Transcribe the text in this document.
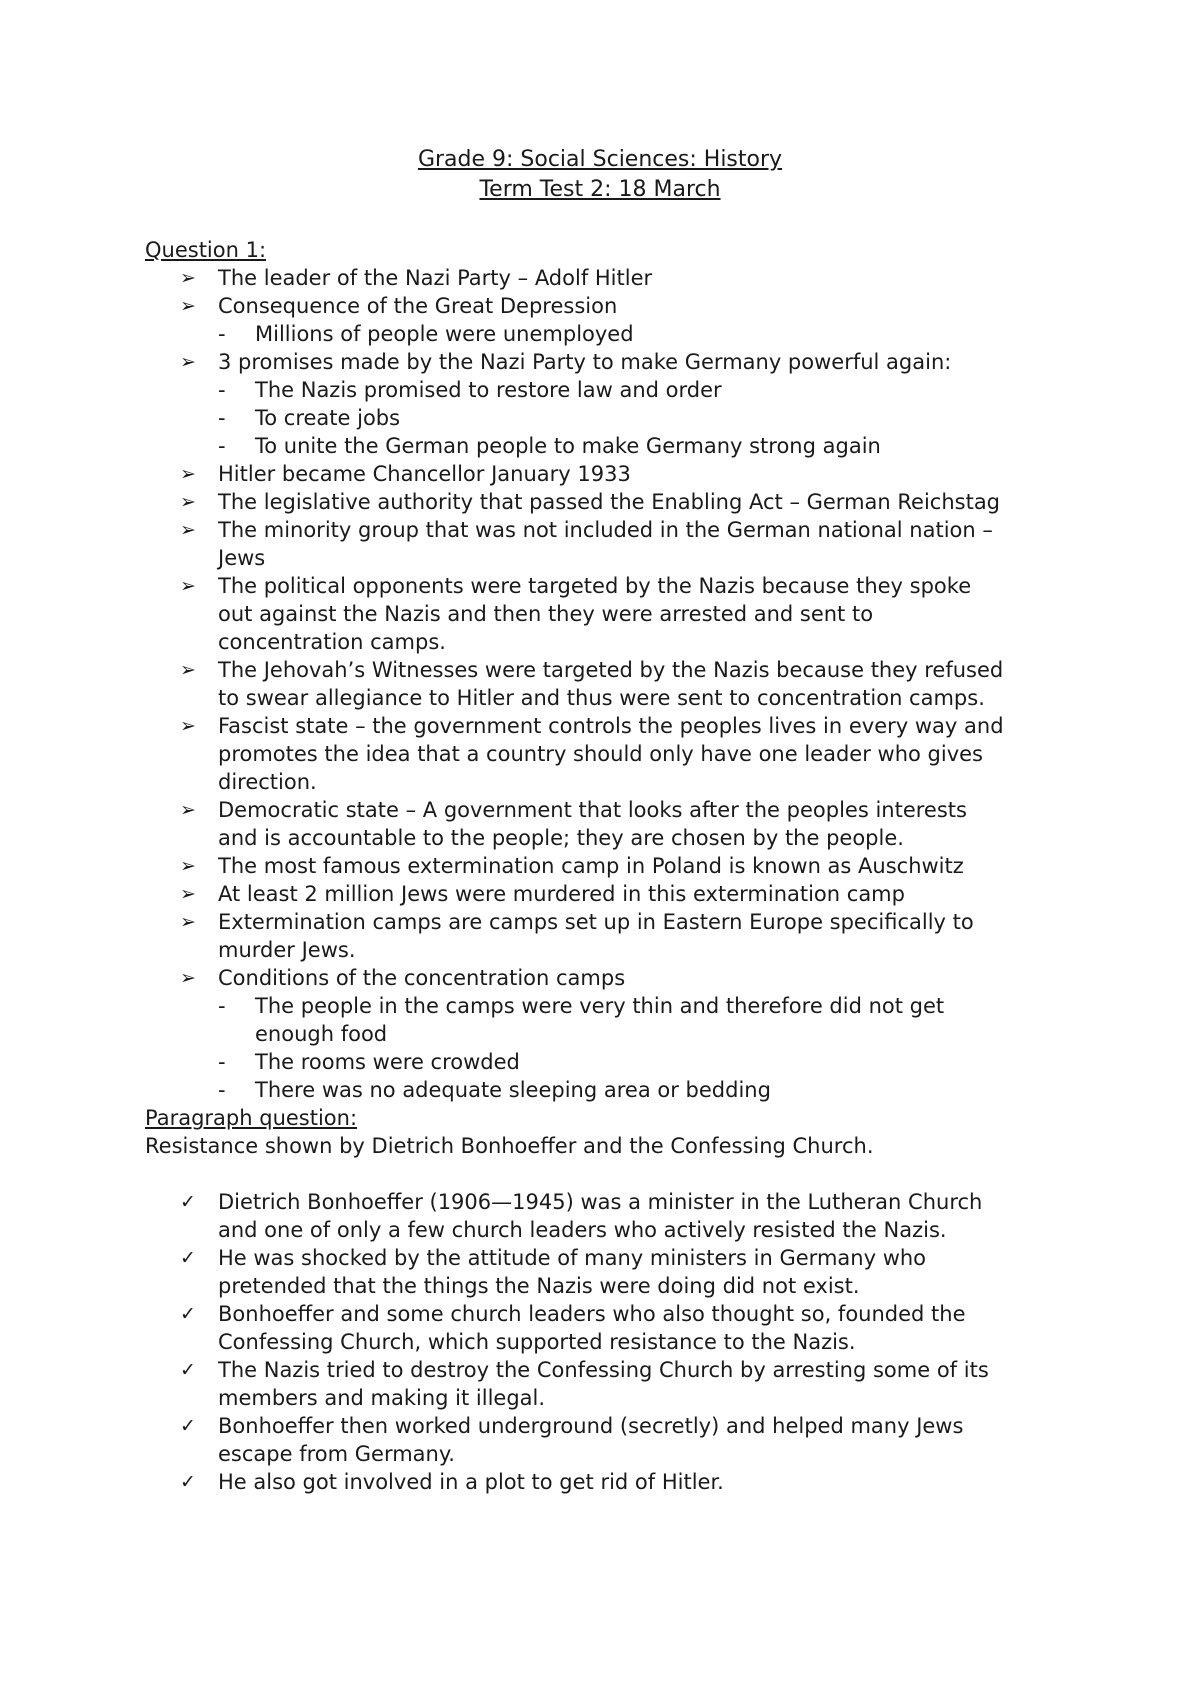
Grade 9: Social Sciences: History
Term Test 2: 18 March
Question 1:
➢	The leader of the Nazi Party – Adolf Hitler
➢	Consequence of the Great Depression
-	Millions of people were unemployed
➢	3 promises made by the Nazi Party to make Germany powerful again:
-	The Nazis promised to restore law and order
-	To create jobs
-	To unite the German people to make Germany strong again
➢	Hitler became Chancellor January 1933
➢	The legislative authority that passed the Enabling Act – German Reichstag
➢	The minority group that was not included in the German national nation –
Jews
➢	The political opponents were targeted by the Nazis because they spoke
out against the Nazis and then they were arrested and sent to
concentration camps.
➢	The Jehovah’s Witnesses were targeted by the Nazis because they refused
to swear allegiance to Hitler and thus were sent to concentration camps.
➢	Fascist state – the government controls the peoples lives in every way and
promotes the idea that a country should only have one leader who gives
direction.
➢	Democratic state – A government that looks after the peoples interests
and is accountable to the people; they are chosen by the people.
➢	The most famous extermination camp in Poland is known as Auschwitz
➢	At least 2 million Jews were murdered in this extermination camp
➢	Extermination camps are camps set up in Eastern Europe specifically to
murder Jews.
➢	Conditions of the concentration camps
-	The people in the camps were very thin and therefore did not get
enough food
-	The rooms were crowded
-	There was no adequate sleeping area or bedding
Paragraph question:
Resistance shown by Dietrich Bonhoeffer and the Confessing Church.
✓	Dietrich Bonhoeffer (1906—1945) was a minister in the Lutheran Church
and one of only a few church leaders who actively resisted the Nazis.
✓	He was shocked by the attitude of many ministers in Germany who
pretended that the things the Nazis were doing did not exist.
✓	Bonhoeffer and some church leaders who also thought so, founded the
Confessing Church, which supported resistance to the Nazis.
✓	The Nazis tried to destroy the Confessing Church by arresting some of its
members and making it illegal.
✓	Bonhoeffer then worked underground (secretly) and helped many Jews
escape from Germany.
✓	He also got involved in a plot to get rid of Hitler.
